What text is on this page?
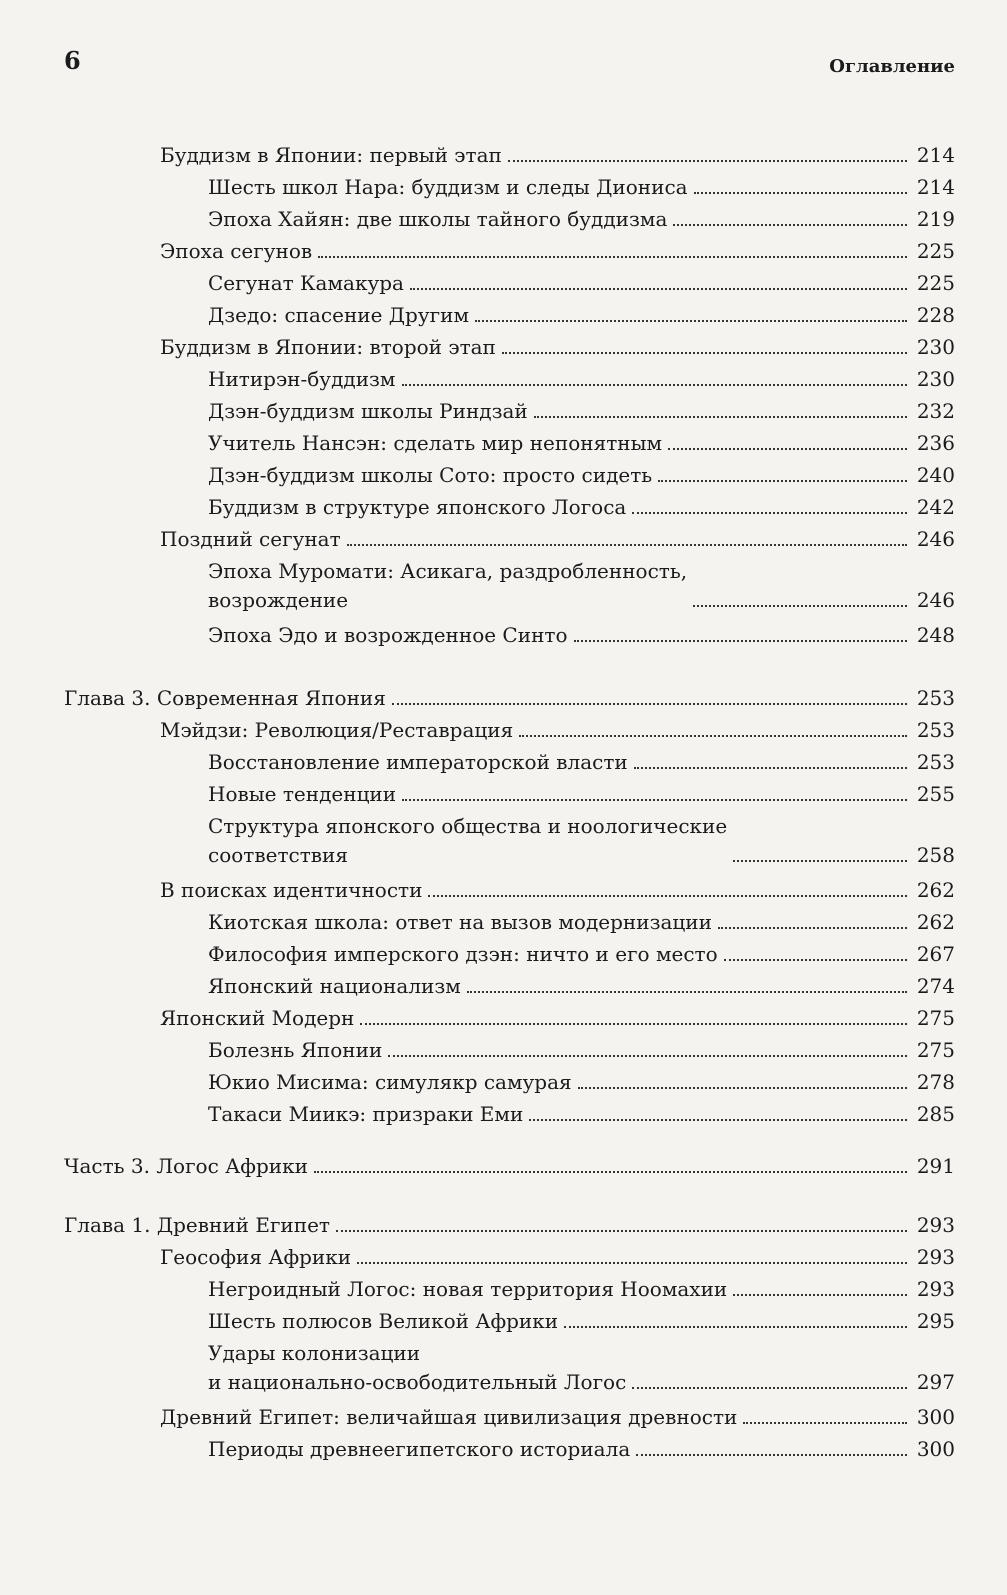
6	Оглавление
Буддизм в Японии: первый этап	214
Шесть школ Нара: буддизм и следы Диониса	214
Эпоха Хайян: две школы тайного буддизма	219
Эпоха сегунов	225
Сегунат Камакура	225
Дзедо: спасение Другим	228
Буддизм в Японии: второй этап	230
Нитирэн-буддизм	230
Дзэн-буддизм школы Риндзай	232
Учитель Нансэн: сделать мир непонятным	236
Дзэн-буддизм школы Сото: просто сидеть	240
Буддизм в структуре японского Логоса	242
Поздний сегунат	246
Эпоха Муромати: Асикага, раздробленность,
возрождение	246
Эпоха Эдо и возрожденное Синто	248
Глава 3. Современная Япония	253
Мэйдзи: Революция/Реставрация	253
Восстановление императорской власти	253
Новые тенденции	255
Структура японского общества и ноологические
соответствия	258
В поисках идентичности	262
Киотская школа: ответ на вызов модернизации	262
Философия имперского дзэн: ничто и его место	267
Японский национализм	274
Японский Модерн	275
Болезнь Японии	275
Юкио Мисима: симулякр самурая	278
Такаси Миикэ: призраки Еми	285
Часть 3. Логос Африки	291
Глава 1. Древний Египет	293
Геософия Африки	293
Негроидный Логос: новая территория Ноомахии	293
Шесть полюсов Великой Африки	295
Удары колонизации
и национально-освободительный Логос	297
Древний Египет: величайшая цивилизация древности	300
Периоды древнеегипетского историала	300
